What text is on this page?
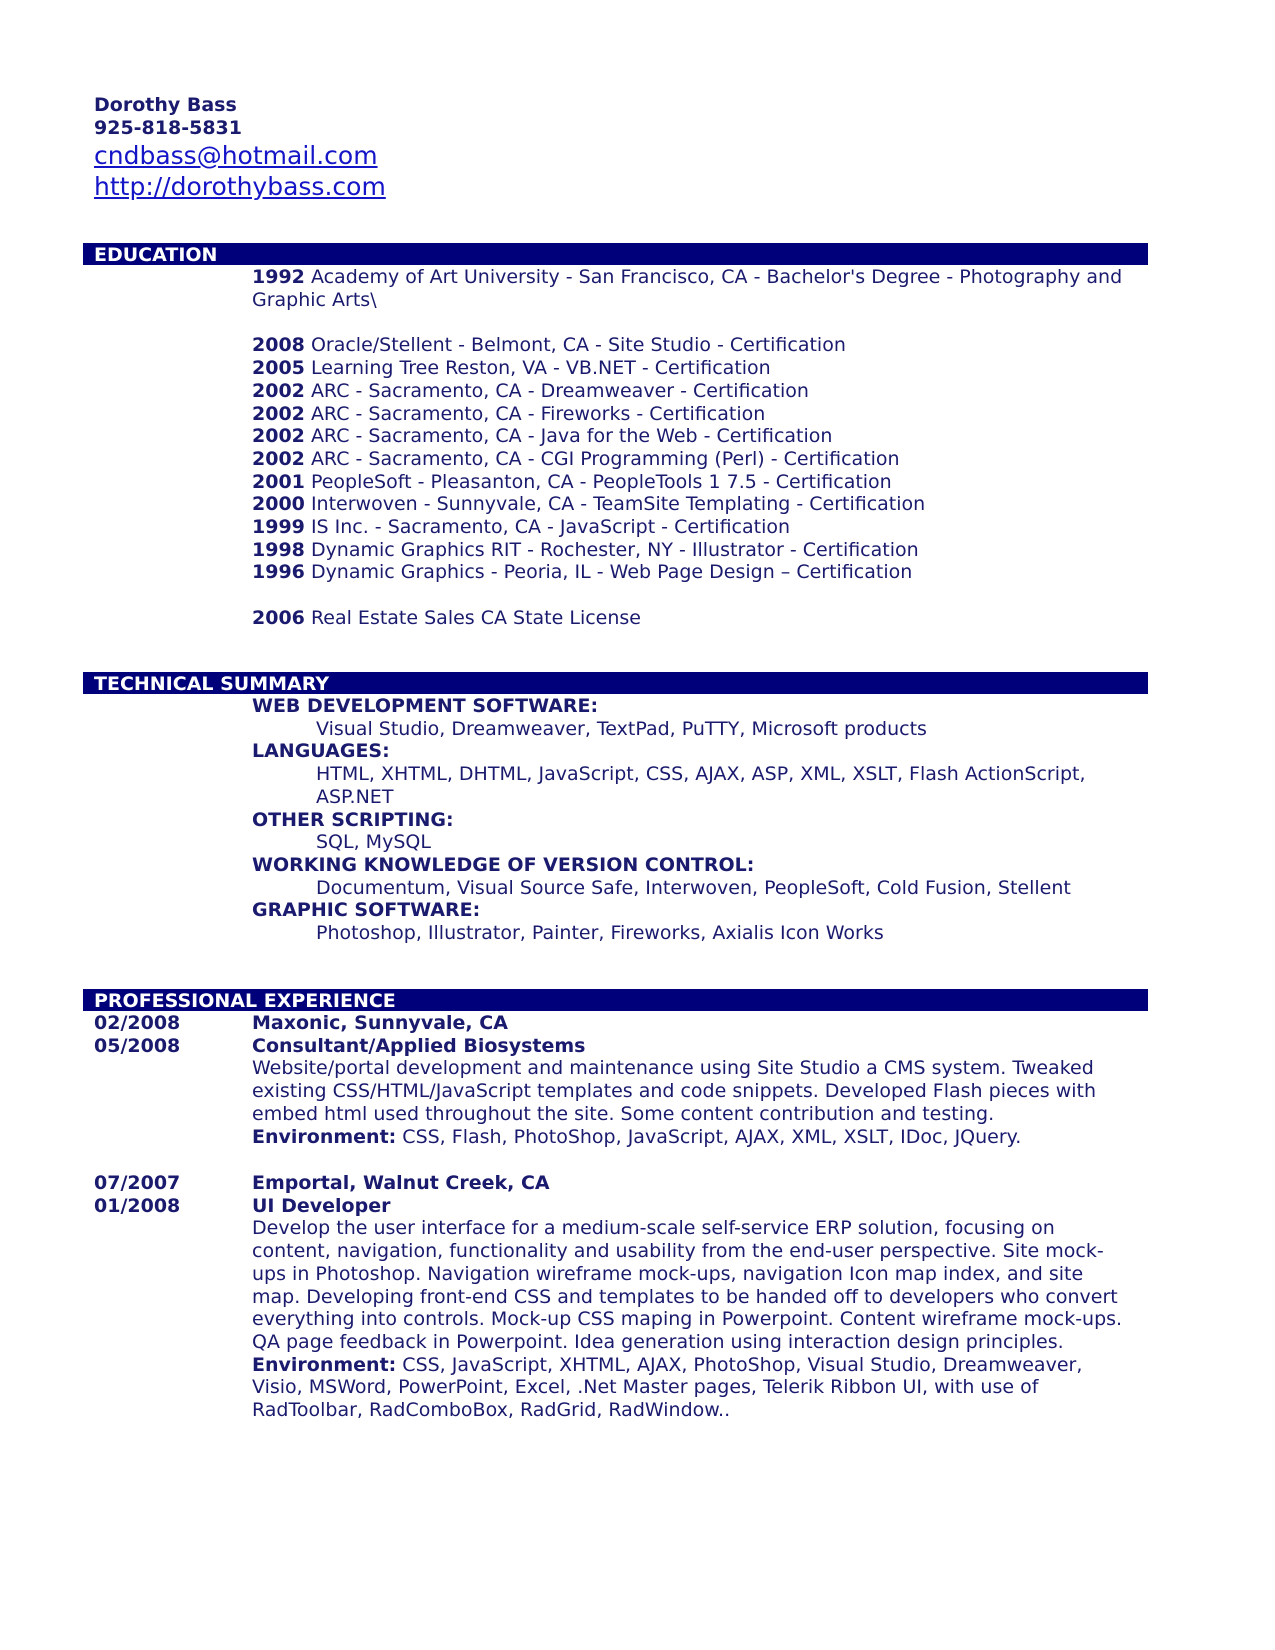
Dorothy Bass
925-818-5831
cndbass@hotmail.com
http://dorothybass.com
EDUCATION
1992 Academy of Art University - San Francisco, CA - Bachelor's Degree - Photography and Graphic Arts\
2008 Oracle/Stellent - Belmont, CA - Site Studio - Certification
2005 Learning Tree Reston, VA - VB.NET - Certification
2002 ARC - Sacramento, CA - Dreamweaver - Certification
2002 ARC - Sacramento, CA - Fireworks - Certification
2002 ARC - Sacramento, CA - Java for the Web - Certification
2002 ARC - Sacramento, CA - CGI Programming (Perl) - Certification
2001 PeopleSoft - Pleasanton, CA - PeopleTools 1 7.5 - Certification
2000 Interwoven - Sunnyvale, CA - TeamSite Templating - Certification
1999 IS Inc. - Sacramento, CA - JavaScript - Certification
1998 Dynamic Graphics RIT - Rochester, NY - Illustrator - Certification
1996 Dynamic Graphics - Peoria, IL - Web Page Design – Certification
2006 Real Estate Sales CA State License
TECHNICAL SUMMARY
WEB DEVELOPMENT SOFTWARE:
Visual Studio, Dreamweaver, TextPad, PuTTY, Microsoft products
LANGUAGES:
HTML, XHTML, DHTML, JavaScript, CSS, AJAX, ASP, XML, XSLT, Flash ActionScript,
ASP.NET
OTHER SCRIPTING:
SQL, MySQL
WORKING KNOWLEDGE OF VERSION CONTROL:
Documentum, Visual Source Safe, Interwoven, PeopleSoft, Cold Fusion, Stellent
GRAPHIC SOFTWARE:
Photoshop, Illustrator, Painter, Fireworks, Axialis Icon Works
PROFESSIONAL EXPERIENCE
02/2008
05/2008
Maxonic, Sunnyvale, CA
Consultant/Applied Biosystems
Website/portal development and maintenance using Site Studio a CMS system. Tweaked existing CSS/HTML/JavaScript templates and code snippets. Developed Flash pieces with embed html used throughout the site. Some content contribution and testing.
Environment: CSS, Flash, PhotoShop, JavaScript, AJAX, XML, XSLT, IDoc, JQuery.
07/2007
01/2008
Emportal, Walnut Creek, CA
UI Developer
Develop the user interface for a medium-scale self-service ERP solution, focusing on content, navigation, functionality and usability from the end-user perspective. Site mock-ups in Photoshop. Navigation wireframe mock-ups, navigation Icon map index, and site map. Developing front-end CSS and templates to be handed off to developers who convert everything into controls. Mock-up CSS maping in Powerpoint. Content wireframe mock-ups. QA page feedback in Powerpoint. Idea generation using interaction design principles.
Environment: CSS, JavaScript, XHTML, AJAX, PhotoShop, Visual Studio, Dreamweaver, Visio, MSWord, PowerPoint, Excel, .Net Master pages, Telerik Ribbon UI, with use of RadToolbar, RadComboBox, RadGrid, RadWindow..
